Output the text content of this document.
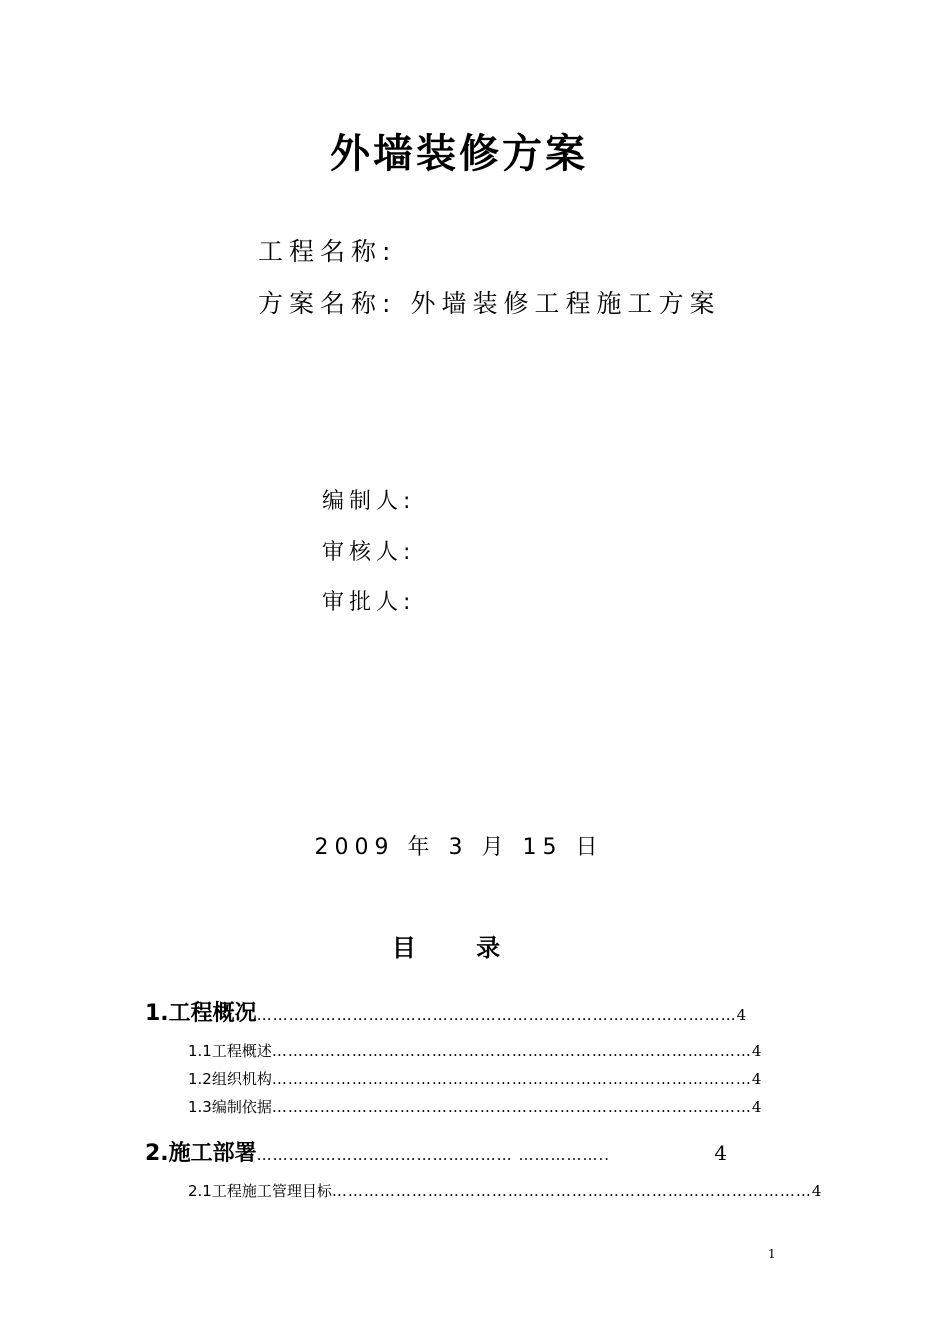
外墙装修方案
工程名称:
方案名称: 外墙装修工程施工方案
编制人:
审核人:
审批人:
2009 年 3 月 15 日
目 录
1.工程概况 ……………………………………………………………………………… 4
1.1工程概述 ……………………………………………………………………………… 4
1.2组织机构 ……………………………………………………………………………… 4
1.3编制依据 ……………………………………………………………………………… 4
2.施工部署 ………………………………………… ……………..	4
2.1工程施工管理目标 ……………………………………………………………………………… 4
1
